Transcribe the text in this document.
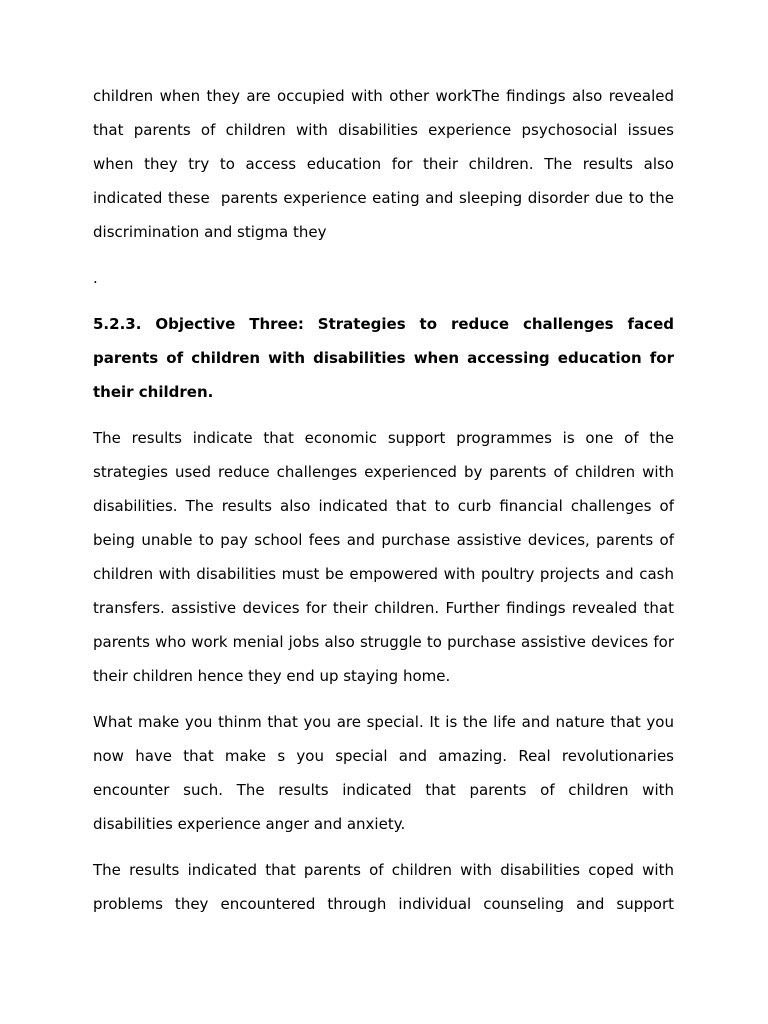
children when they are occupied with other workThe findings also revealed that parents of children with disabilities experience psychosocial issues when they try to access education for their children. The results also indicated these  parents experience eating and sleeping disorder due to the discrimination and stigma they

.

5.2.3. Objective Three: Strategies to reduce challenges faced parents of children with disabilities when accessing education for their children.

The results indicate that economic support programmes is one of the strategies used reduce challenges experienced by parents of children with disabilities. The results also indicated that to curb financial challenges of being unable to pay school fees and purchase assistive devices, parents of children with disabilities must be empowered with poultry projects and cash transfers. assistive devices for their children. Further findings revealed that parents who work menial jobs also struggle to purchase assistive devices for their children hence they end up staying home.

What make you thinm that you are special. It is the life and nature that you now have that make s you special and amazing. Real revolutionaries encounter such. The results indicated that parents of children with disabilities experience anger and anxiety.

The results indicated that parents of children with disabilities coped with problems they encountered through individual counseling and support
